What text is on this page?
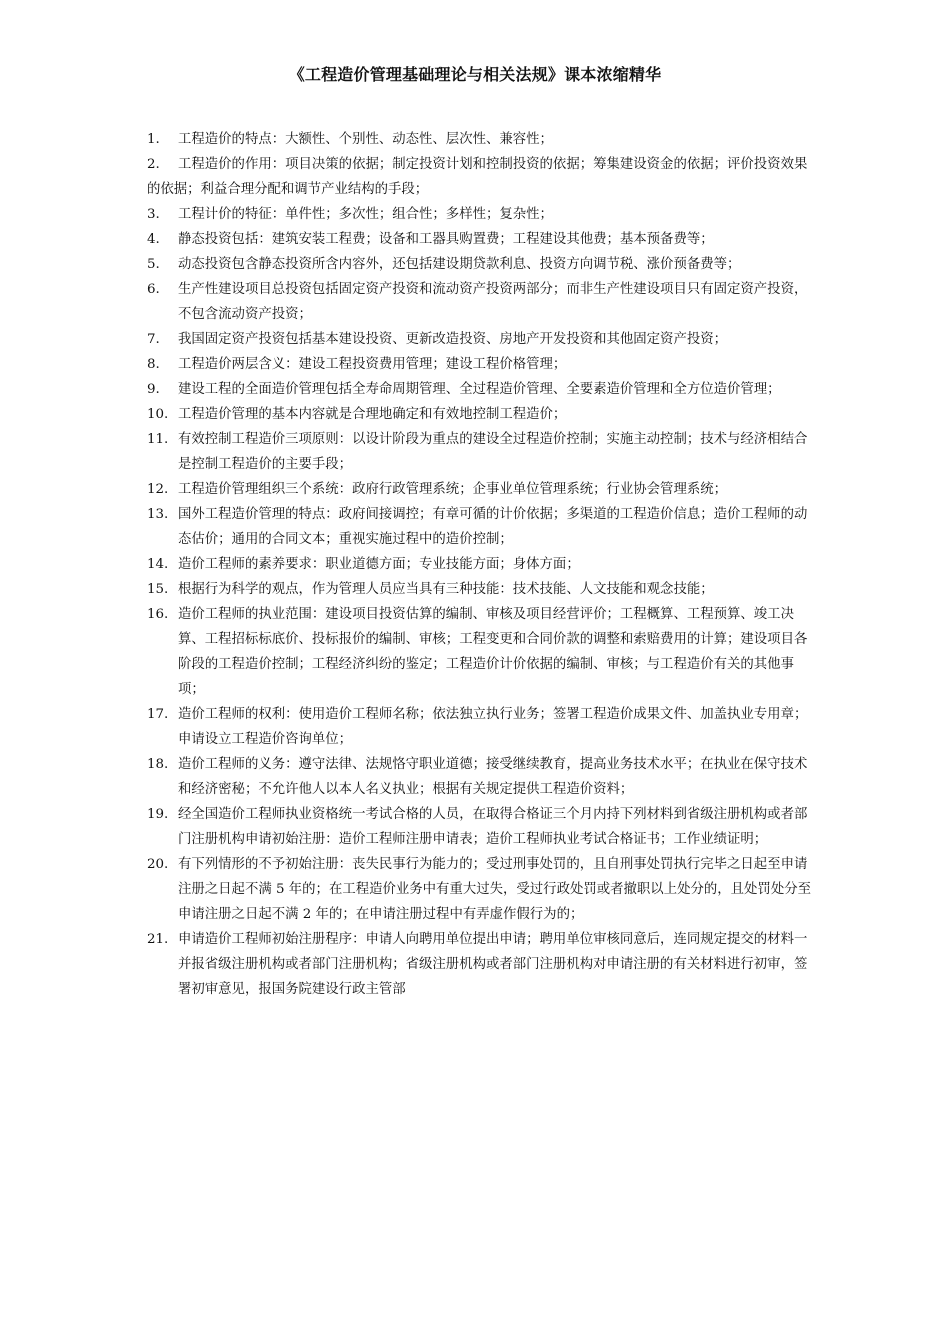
《工程造价管理基础理论与相关法规》课本浓缩精华
1. 工程造价的特点：大额性、个别性、动态性、层次性、兼容性；
2. 工程造价的作用：项目决策的依据；制定投资计划和控制投资的依据；筹集建设资金的依据；评价投资效果的依据；利益合理分配和调节产业结构的手段；
3. 工程计价的特征：单件性；多次性；组合性；多样性；复杂性；
4. 静态投资包括：建筑安装工程费；设备和工器具购置费；工程建设其他费；基本预备费等；
5. 动态投资包含静态投资所含内容外，还包括建设期贷款利息、投资方向调节税、涨价预备费等；
6. 生产性建设项目总投资包括固定资产投资和流动资产投资两部分；而非生产性建设项目只有固定资产投资，不包含流动资产投资；
7. 我国固定资产投资包括基本建设投资、更新改造投资、房地产开发投资和其他固定资产投资；
8. 工程造价两层含义：建设工程投资费用管理；建设工程价格管理；
9. 建设工程的全面造价管理包括全寿命周期管理、全过程造价管理、全要素造价管理和全方位造价管理；
10. 工程造价管理的基本内容就是合理地确定和有效地控制工程造价；
11. 有效控制工程造价三项原则：以设计阶段为重点的建设全过程造价控制；实施主动控制；技术与经济相结合是控制工程造价的主要手段；
12. 工程造价管理组织三个系统：政府行政管理系统；企事业单位管理系统；行业协会管理系统；
13. 国外工程造价管理的特点：政府间接调控；有章可循的计价依据；多渠道的工程造价信息；造价工程师的动态估价；通用的合同文本；重视实施过程中的造价控制；
14. 造价工程师的素养要求：职业道德方面；专业技能方面；身体方面；
15. 根据行为科学的观点，作为管理人员应当具有三种技能：技术技能、人文技能和观念技能；
16. 造价工程师的执业范围：建设项目投资估算的编制、审核及项目经营评价；工程概算、工程预算、竣工决算、工程招标标底价、投标报价的编制、审核；工程变更和合同价款的调整和索赔费用的计算；建设项目各阶段的工程造价控制；工程经济纠纷的鉴定；工程造价计价依据的编制、审核；与工程造价有关的其他事项；
17. 造价工程师的权利：使用造价工程师名称；依法独立执行业务；签署工程造价成果文件、加盖执业专用章；申请设立工程造价咨询单位；
18. 造价工程师的义务：遵守法律、法规恪守职业道德；接受继续教育，提高业务技术水平；在执业在保守技术和经济密秘；不允许他人以本人名义执业；根据有关规定提供工程造价资料；
19. 经全国造价工程师执业资格统一考试合格的人员，在取得合格证三个月内持下列材料到省级注册机构或者部门注册机构申请初始注册：造价工程师注册申请表；造价工程师执业考试合格证书；工作业绩证明；
20. 有下列情形的不予初始注册：丧失民事行为能力的；受过刑事处罚的，且自刑事处罚执行完毕之日起至申请注册之日起不满 5 年的；在工程造价业务中有重大过失，受过行政处罚或者撤职以上处分的，且处罚处分至申请注册之日起不满 2 年的；在申请注册过程中有弄虚作假行为的；
21. 申请造价工程师初始注册程序：申请人向聘用单位提出申请；聘用单位审核同意后，连同规定提交的材料一并报省级注册机构或者部门注册机构；省级注册机构或者部门注册机构对申请注册的有关材料进行初审，签署初审意见，报国务院建设行政主管部
